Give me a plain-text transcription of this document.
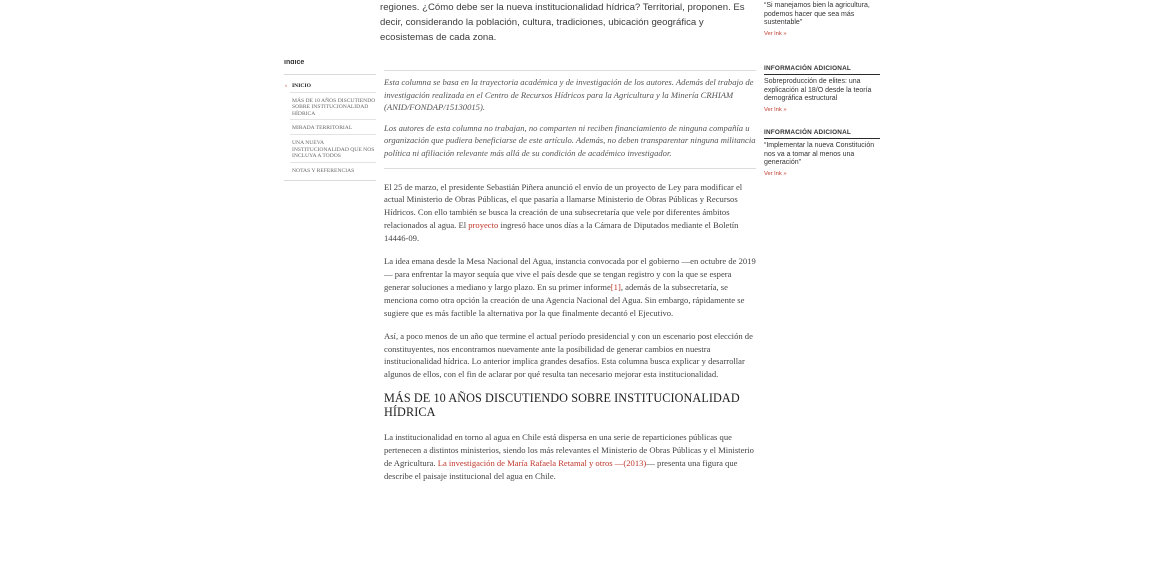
regiones. ¿Cómo debe ser la nueva institucionalidad hídrica? Territorial, proponen. Es decir, considerando la población, cultura, tradiciones, ubicación geográfica y ecosistemas de cada zona.

Índice
‹ INICIO
MÁS DE 10 AÑOS DISCUTIENDO SOBRE INSTITUCIONALIDAD HÍDRICA
MIRADA TERRITORIAL
UNA NUEVA INSTITUCIONALIDAD QUE NOS INCLUYA A TODOS
NOTAS Y REFERENCIAS

“Si manejamos bien la agricultura, podemos hacer que sea más sustentable”

Ver lnk »
INFORMACIÓN ADICIONAL

Sobreproducción de elites: una explicación al 18/O desde la teoría demográfica estructural

Ver lnk »
INFORMACIÓN ADICIONAL

“Implementar la nueva Constitución nos va a tomar al menos una generación”

Ver lnk »

Esta columna se basa en la trayectoria académica y de investigación de los autores. Además del trabajo de investigación realizada en el Centro de Recursos Hídricos para la Agricultura y la Minería CRHIAM (ANID/FONDAP/15130015).

Los autores de esta columna no trabajan, no comparten ni reciben financiamiento de ninguna compañía u organización que pudiera beneficiarse de este artículo. Además, no deben transparentar ninguna militancia política ni afiliación relevante más allá de su condición de académico investigador.

El 25 de marzo, el presidente Sebastián Piñera anunció el envío de un proyecto de Ley para modificar el actual Ministerio de Obras Públicas, el que pasaría a llamarse Ministerio de Obras Públicas y Recursos Hídricos. Con ello también se busca la creación de una subsecretaría que vele por diferentes ámbitos relacionados al agua. El proyecto ingresó hace unos días a la Cámara de Diputados mediante el Boletín 14446-09.

La idea emana desde la Mesa Nacional del Agua, instancia convocada por el gobierno —en octubre de 2019— para enfrentar la mayor sequía que vive el país desde que se tengan registro y con la que se espera generar soluciones a mediano y largo plazo. En su primer informe[1], además de la subsecretaría, se menciona como otra opción la creación de una Agencia Nacional del Agua. Sin embargo, rápidamente se sugiere que es más factible la alternativa por la que finalmente decantó el Ejecutivo.

Así, a poco menos de un año que termine el actual período presidencial y con un escenario post elección de constituyentes, nos encontramos nuevamente ante la posibilidad de generar cambios en nuestra institucionalidad hídrica. Lo anterior implica grandes desafíos. Esta columna busca explicar y desarrollar algunos de ellos, con el fin de aclarar por qué resulta tan necesario mejorar esta institucionalidad.

MÁS DE 10 AÑOS DISCUTIENDO SOBRE INSTITUCIONALIDAD HÍDRICA

La institucionalidad en torno al agua en Chile está dispersa en una serie de reparticiones públicas que pertenecen a distintos ministerios, siendo los más relevantes el Ministerio de Obras Públicas y el Ministerio de Agricultura. La investigación de María Rafaela Retamal y otros —(2013)— presenta una figura que describe el paisaje institucional del agua en Chile.
